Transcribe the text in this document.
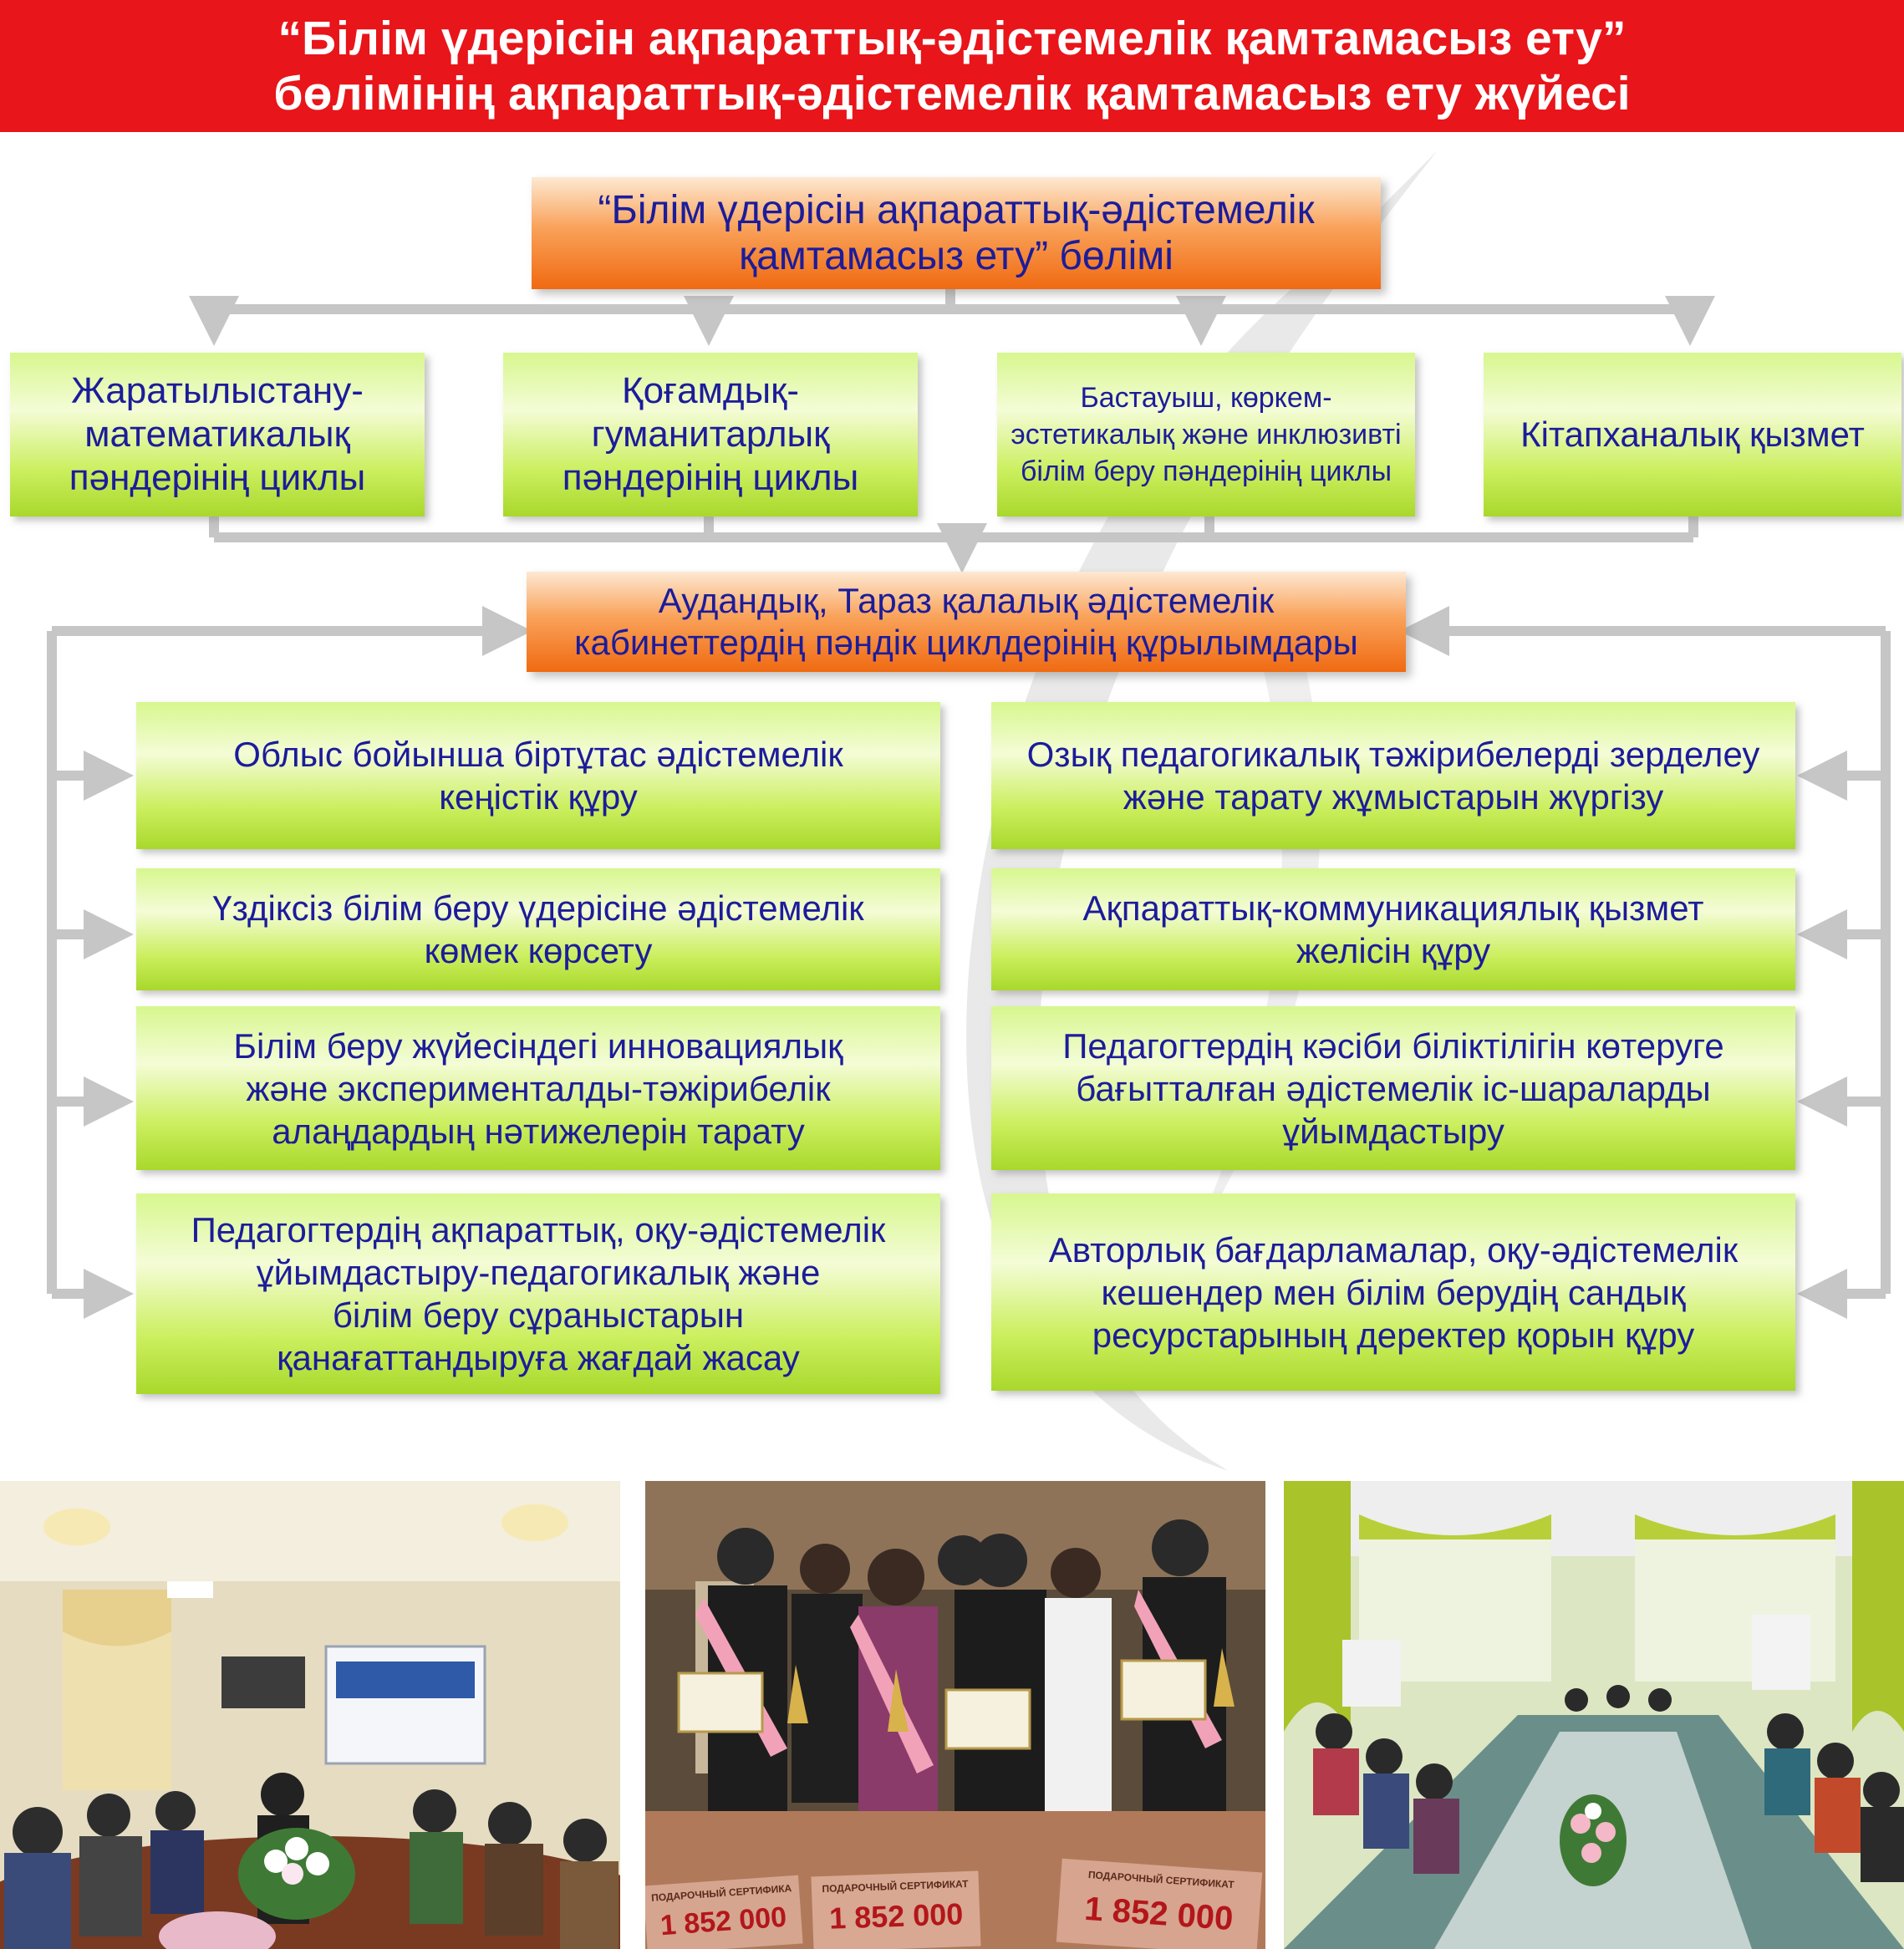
“Білім үдерісін ақпараттық-әдістемелік қамтамасыз ету”
бөлімінің ақпараттық-әдістемелік қамтамасыз ету жүйесі
“Білім үдерісін ақпараттық-әдістемелік
қамтамасыз ету” бөлімі
Жаратылыстану-
математикалық
пәндерінің циклы
Қоғамдық-
гуманитарлық
пәндерінің циклы
Бастауыш, көркем-
эстетикалық және инклюзивті
білім беру пәндерінің циклы
Кітапханалық қызмет
Аудандық, Тараз қалалық әдістемелік
кабинеттердің пәндік циклдерінің құрылымдары
Облыс бойынша біртұтас әдістемелік
кеңістік құру
Үздіксіз білім беру үдерісіне әдістемелік
көмек көрсету
Білім беру жүйесіндегі инновациялық
және эксперименталды-тәжірибелік
алаңдардың нәтижелерін тарату
Педагогтердің ақпараттық, оқу-әдістемелік
ұйымдастыру-педагогикалық және
білім беру сұраныстарын
қанағаттандыруға жағдай жасау
Озық педагогикалық тәжірибелерді зерделеу
және тарату жұмыстарын жүргізу
Ақпараттық-коммуникациялық қызмет
желісін құру
Педагогтердің кәсіби біліктілігін көтеруге
бағытталған әдістемелік іс-шараларды
ұйымдастыру
Авторлық бағдарламалар, оқу-әдістемелік
кешендер мен білім берудің сандық
ресурстарының деректер қорын құру
ПОДАРОЧНЫЙ СЕРТИФИКА
1 852 000
ПОДАРОЧНЫЙ СЕРТИФИКАТ
1 852 000
ПОДАРОЧНЫЙ СЕРТИФИКАТ
1 852 000
